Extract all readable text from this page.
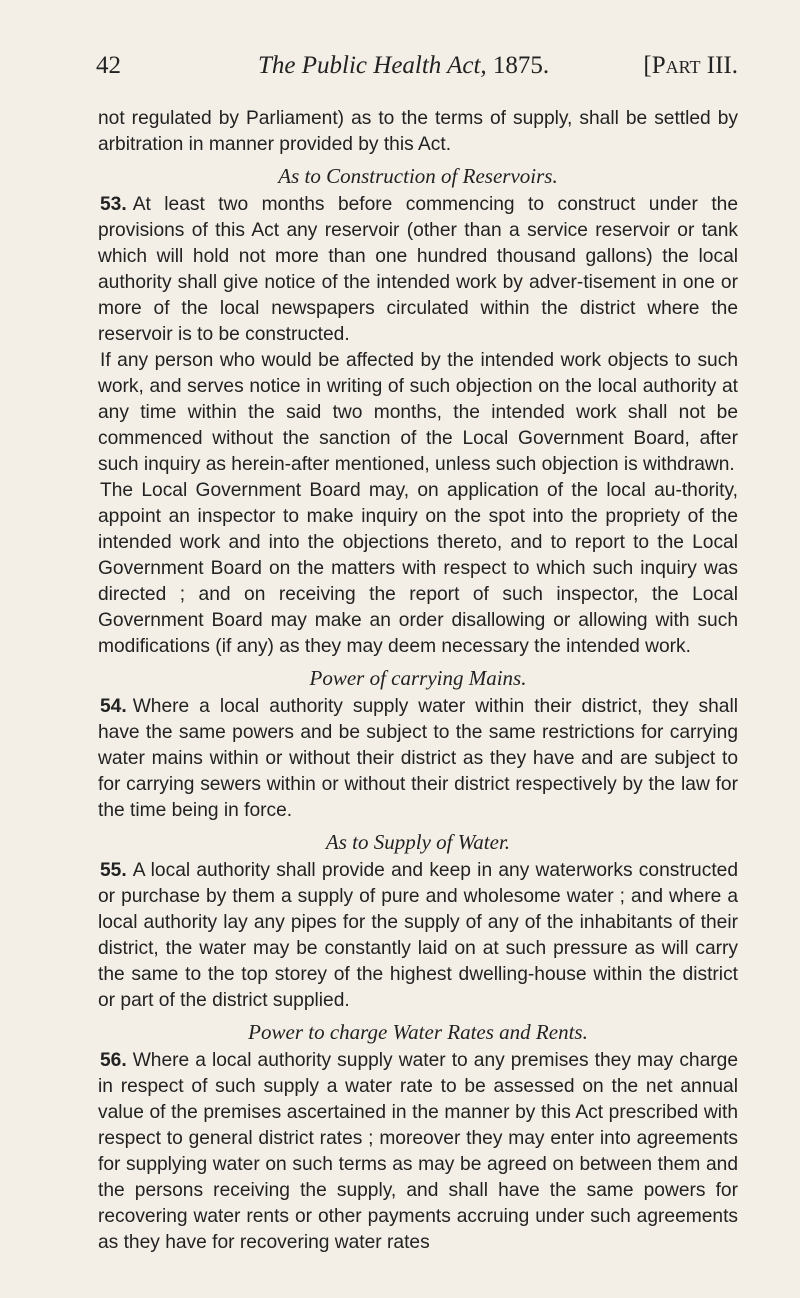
42	The Public Health Act, 1875.	[Part III.

not regulated by Parliament) as to the terms of supply, shall be settled by arbitration in manner provided by this Act.

As to Construction of Reservoirs.

53. At least two months before commencing to construct under the provisions of this Act any reservoir (other than a service reservoir or tank which will hold not more than one hundred thousand gallons) the local authority shall give notice of the intended work by adver-tisement in one or more of the local newspapers circulated within the district where the reservoir is to be constructed.

If any person who would be affected by the intended work objects to such work, and serves notice in writing of such objection on the local authority at any time within the said two months, the intended work shall not be commenced without the sanction of the Local Government Board, after such inquiry as herein-after mentioned, unless such objection is withdrawn.

The Local Government Board may, on application of the local au-thority, appoint an inspector to make inquiry on the spot into the propriety of the intended work and into the objections thereto, and to report to the Local Government Board on the matters with respect to which such inquiry was directed ; and on receiving the report of such inspector, the Local Government Board may make an order disallowing or allowing with such modifications (if any) as they may deem necessary the intended work.

Power of carrying Mains.

54. Where a local authority supply water within their district, they shall have the same powers and be subject to the same restrictions for carrying water mains within or without their district as they have and are subject to for carrying sewers within or without their district respectively by the law for the time being in force.

As to Supply of Water.

55. A local authority shall provide and keep in any waterworks constructed or purchase by them a supply of pure and wholesome water ; and where a local authority lay any pipes for the supply of any of the inhabitants of their district, the water may be constantly laid on at such pressure as will carry the same to the top storey of the highest dwelling-house within the district or part of the district supplied.

Power to charge Water Rates and Rents.

56. Where a local authority supply water to any premises they may charge in respect of such supply a water rate to be assessed on the net annual value of the premises ascertained in the manner by this Act prescribed with respect to general district rates ; moreover they may enter into agreements for supplying water on such terms as may be agreed on between them and the persons receiving the supply, and shall have the same powers for recovering water rents or other payments accruing under such agreements as they have for recovering water rates
